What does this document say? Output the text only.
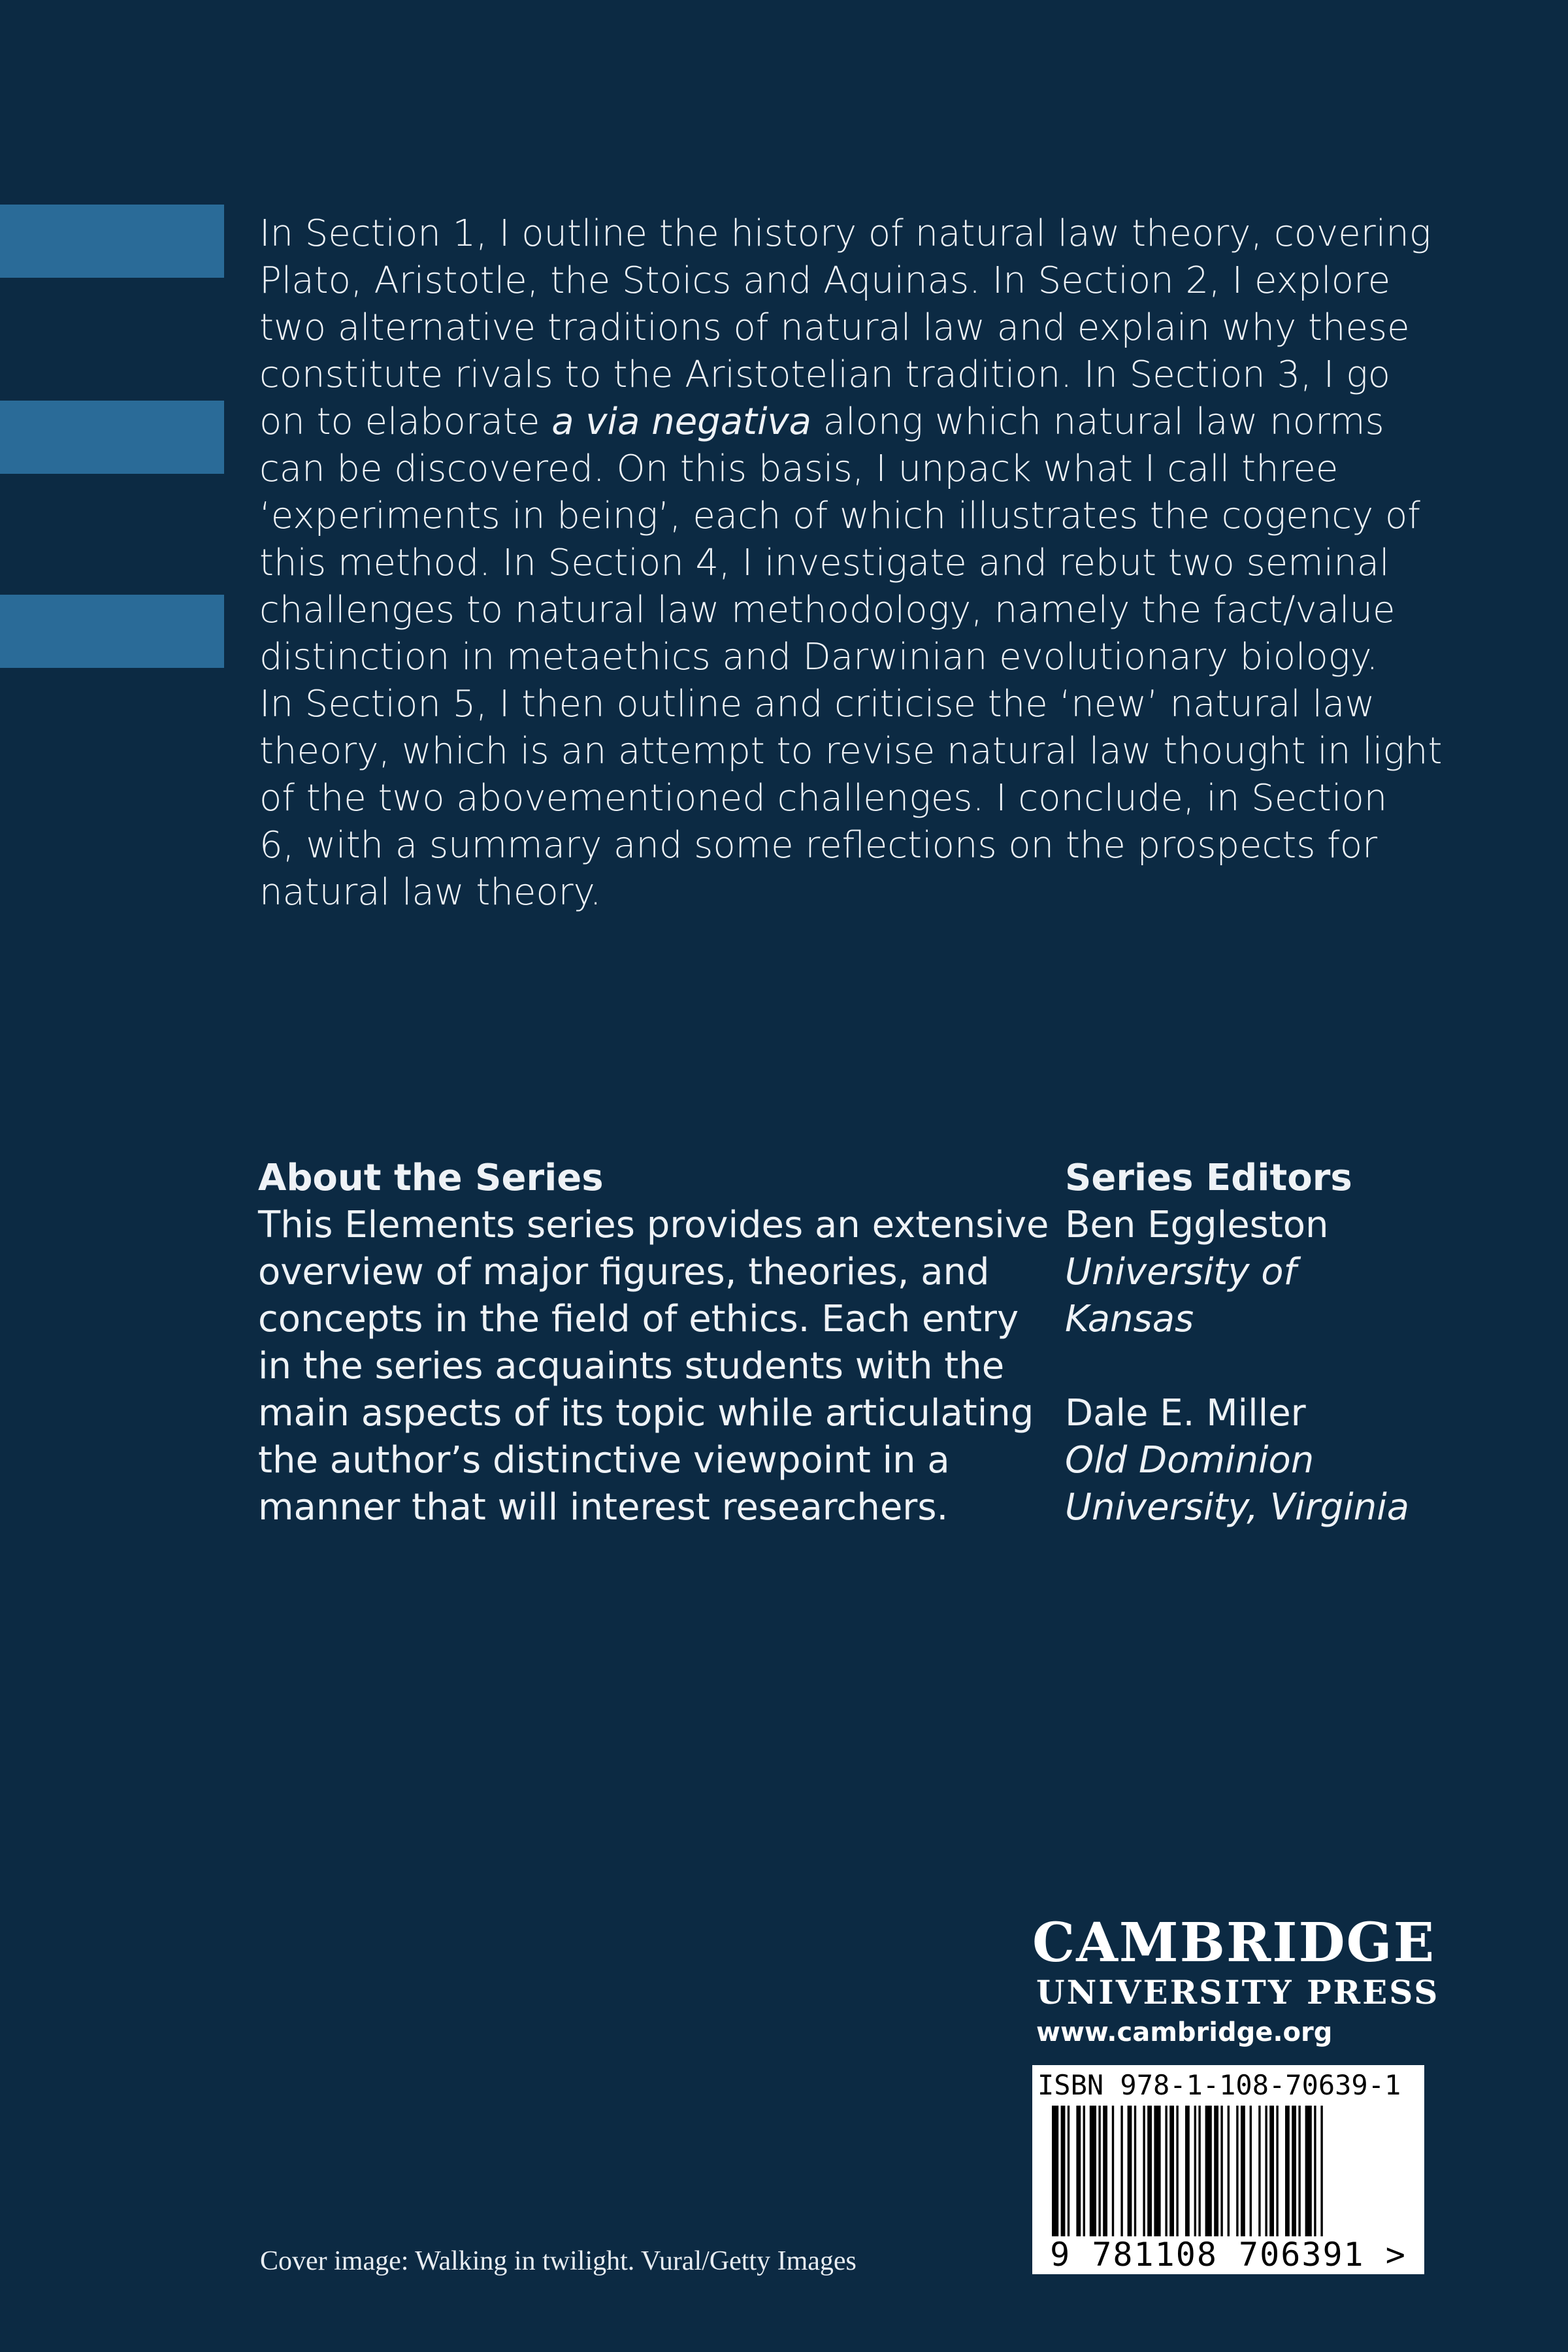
In Section 1, I outline the history of natural law theory, covering
Plato, Aristotle, the Stoics and Aquinas. In Section 2, I explore
two alternative traditions of natural law and explain why these
constitute rivals to the Aristotelian tradition. In Section 3, I go
on to elaborate a via negativa along which natural law norms
can be discovered. On this basis, I unpack what I call three
‘experiments in being’, each of which illustrates the cogency of
this method. In Section 4, I investigate and rebut two seminal
challenges to natural law methodology, namely the fact/value
distinction in metaethics and Darwinian evolutionary biology.
In Section 5, I then outline and criticise the ‘new’ natural law
theory, which is an attempt to revise natural law thought in light
of the two abovementioned challenges. I conclude, in Section
6, with a summary and some reflections on the prospects for
natural law theory.
About the Series
This Elements series provides an extensive
overview of major figures, theories, and
concepts in the field of ethics. Each entry
in the series acquaints students with the
main aspects of its topic while articulating
the author’s distinctive viewpoint in a
manner that will interest researchers.
Series Editors
Ben Eggleston
University of
Kansas
Dale E. Miller
Old Dominion
University, Virginia
CAMBRIDGE
UNIVERSITY PRESS
www.cambridge.org
ISBN 978-1-108-70639-1
9 781108 706391 >
Cover image: Walking in twilight. Vural/Getty Images
